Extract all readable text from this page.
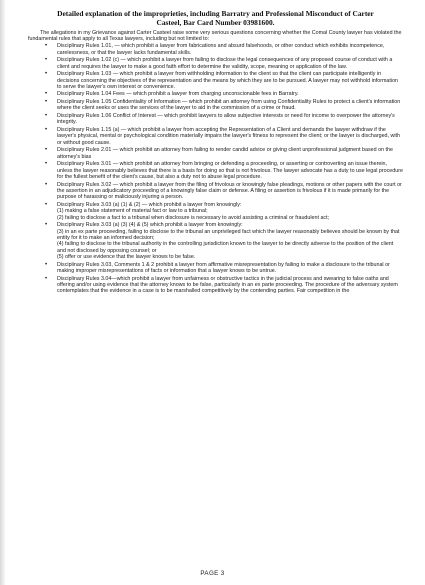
Detailed explanation of the improprieties, including Barratry and Professional Misconduct of Carter Casteel, Bar Card Number 03981600.

The allegations in my Grievance against Carter Casteel raise some very serious questions concerning whether the Comal County lawyer has violated the fundamental rules that apply to all Texas lawyers, including but not limited to:

• Disciplinary Rules 1.01, — which prohibit a lawyer from fabrications and absurd falsehoods, or other conduct which exhibits incompetence, carelessness, or that the lawyer lacks fundamental skills.
• Disciplinary Rules 1.02 (c) — which prohibit a lawyer from failing to disclose the legal consequences of any proposed course of conduct with a client and requires the lawyer to make a good faith effort to determine the validity, scope, meaning or application of the law.
• Disciplinary Rules 1.03 — which prohibit a lawyer from withholding information to the client so that the client can participate intelligently in decisions concerning the objectives of the representation and the means by which they are to be pursued. A lawyer may not withhold information to serve the lawyer's own interest or convenience.
• Disciplinary Rules 1.04 Fees — which prohibit a lawyer from charging unconscionable fees in Barratry.
• Disciplinary Rules 1.05 Confidentiality of Information — which prohibit an attorney from using Confidentiality Rules to protect a client's information where the client seeks or uses the services of the lawyer to aid in the commission of a crime or fraud.
• Disciplinary Rules 1.06 Conflict of Interest — which prohibit lawyers to allow subjective interests or need for income to overpower the attorney's integrity.
• Disciplinary Rules 1.15 (a) — which prohibit a lawyer from accepting the Representation of a Client and demands the lawyer withdraw if the lawyer's physical, mental or psychological condition materially impairs the lawyer's fitness to represent the client; or the lawyer is discharged, with or without good cause.
• Disciplinary Rules 2.01 — which prohibit an attorney from failing to render candid advice or giving client unprofessional judgment based on the attorney's bias
• Disciplinary Rules 3.01 — which prohibit an attorney from bringing or defending a proceeding, or asserting or controverting an issue therein, unless the lawyer reasonably believes that there is a basis for doing so that is not frivolous. The lawyer advocate has a duty to use legal procedure for the fullest benefit of the client's cause, but also a duty not to abuse legal procedure.
• Disciplinary Rules 3.02 — which prohibit a lawyer from the filing of frivolous or knowingly false pleadings, motions or other papers with the court or the assertion in an adjudicatory proceeding of a knowingly false claim or defense. A filing or assertion is frivolous if it is made primarily for the purpose of harassing or maliciously injuring a person.
• Disciplinary Rules 3.03 (a) (1) & (2) — which prohibit a lawyer from knowingly:
(1) making a false statement of material fact or law to a tribunal;
(2) failing to disclose a fact to a tribunal when disclosure is necessary to avoid assisting a criminal or fraudulent act;
• Disciplinary Rules 3.03 (a) (3) (4) & (5) which prohibit a lawyer from knowingly:
(3) in an ex parte proceeding, failing to disclose to the tribunal an unprivileged fact which the lawyer reasonably believes should be known by that entity for it to make an informed decision;
(4) failing to disclose to the tribunal authority in the controlling jurisdiction known to the lawyer to be directly adverse to the position of the client and not disclosed by opposing counsel; or
(5) offer or use evidence that the lawyer knows to be false.
• Disciplinary Rules 3.03, Comments 1 & 2 prohibit a lawyer from affirmative misrepresentation by failing to make a disclosure to the tribunal or making improper misrepresentations of facts or information that a lawyer knows to be untrue.
• Disciplinary Rules 3.04—which prohibit a lawyer from unfairness or obstructive tactics in the judicial process and swearing to false oaths and offering and/or using evidence that the attorney knows to be false, particularly in an ex parte proceeding. The procedure of the adversary system contemplates that the evidence in a case is to be marshalled competitively by the contending parties. Fair competition in the
PAGE 3
